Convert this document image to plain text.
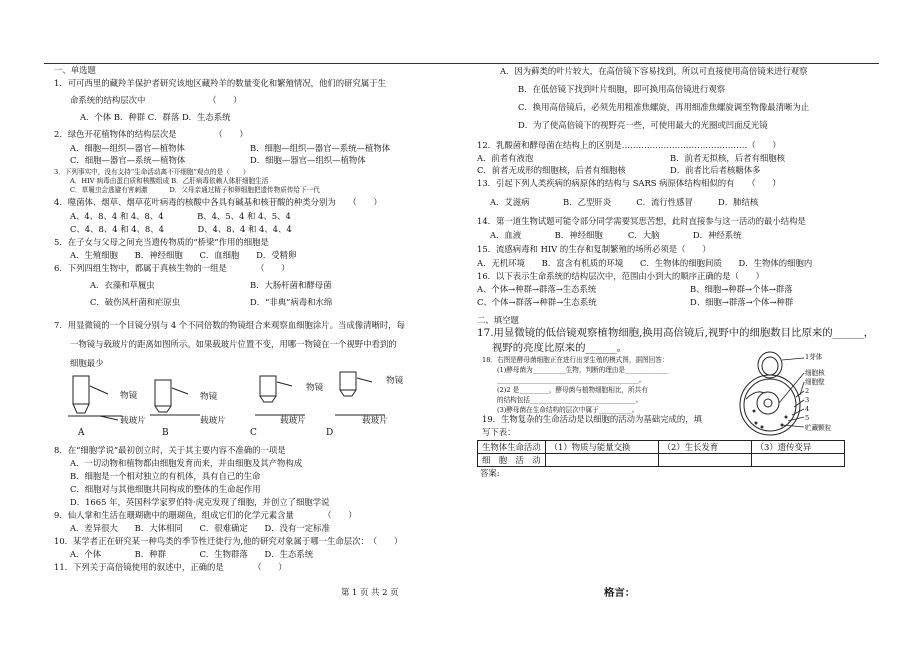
一、单选题
1．可可西里的藏羚羊保护者研究该地区藏羚羊的数量变化和繁殖情况，他们的研究属于生
命系统的结构层次中　　　　　　　　（　　）
A．个体 B．种群 C．群落 D．生态系统
2．绿色开花植物体的结构层次是　　　　　（　　）
A．细胞—组织—器官—植物体	B．细胞—组织—器官—系统—植物体
C．细胞—器官—系统—植物体	D．细胞—器官—组织—植物体
3．下列事实中，没有支持“生命活动离不开细胞”观点的是（　　）
A．HIV 病毒由蛋白质和核酸组成 B．乙肝病毒依赖人体肝细胞生活
C．草履虫会逃避有害刺激　　　 D．父母亲通过精子和卵细胞把遗传物质传给下一代
4．噬菌体、烟草、烟草花叶病毒的核酸中各具有碱基和核苷酸的种类分别为　　（　　）
A、4、8、4 和 4、8、4　　　　B、4、5、4 和 4、5、4
C、4、8、4 和 4、8、4　　　　D、4、8、4 和 4、4、4
5．在子女与父母之间充当遗传物质的“桥梁”作用的细胞是
A．生殖细胞　　B．神经细胞　　C．血细胞　　D．受精卵
6．下列四组生物中，都属于真核生物的一组是　　　　（　　）
A．衣藻和草履虫	B．大肠杆菌和酵母菌
C．破伤风杆菌和疟原虫	D．“非典”病毒和水绵
7．用显微镜的一个目镜分别与 4 个不同倍数的物镜组合来观察血细胞涂片。当成像清晰时，每
一物镜与载玻片的距离如图所示。如果载玻片位置不变，用哪一物镜在一个视野中看到的
细胞最少
物镜	物镜
物镜
物镜
载玻片	载玻片	载玻片	载玻片
A	B	C	D
8．在“细胞学说”最初创立时，关于其主要内容不准确的一项是
A．一切动物和植物都由细胞发育而来，并由细胞及其产物构成
B．细胞是一个相对独立的有机体，具有自己的生命
C．细胞对与其他细胞共同构成的整体的生命起作用
D．1665 年，英国科学家罗伯特·虎克发现了细胞，并创立了细胞学说
9．仙人掌和生活在珊瑚礁中的珊瑚鱼，组成它们的化学元素含量　　　　（　　）
A．差异很大　　B．大体相同　　C．很难确定　　D．没有一定标准
10．某学者正在研究某一种鸟类的季节性迁徙行为,他的研究对象属于哪一生命层次：　（　　）
A．个体　　　　B．种群　　　　C．生物群落　　D．生态系统
11．下列关于高倍镜使用的叙述中，正确的是　　　　（　　）
第 1 页 共 2 页
A．因为藓类的叶片较大，在高倍镜下容易找到，所以可直接使用高倍镜来进行观察
B．在低倍镜下找到叶片细胞，即可换用高倍镜进行观察
C．换用高倍镜后，必须先用粗准焦螺旋，再用细准焦螺旋调至物像最清晰为止
D．为了使高倍镜下的视野亮一些，可使用最大的光圈或凹面反光镜
12．乳酸菌和酵母菌在结构上的区别是………………………………………（　　）
A．前者有液泡	B．前者无拟核，后者有细胞核
C．前者无成形的细胞核，后者有细胞核	D．前者比后者核糖体多
13．引起下列人类疾病的病原体的结构与 SARS 病原体结构相似的有　　（　　）
A．艾滋病　　　　B．乙型肝炎　　　C．流行性感冒　　　D．肺结核
14．第一道生物试题可能令部分同学需要冥思苦想，此时直接参与这一活动的最小结构是
A．血液　　　　B．神经细胞　　　C．大脑　　　　D．神经系统
15．流感病毒和 HIV 的生存和复制繁殖的场所必须是（　　）
A．无机环境　　B．富含有机质的环境　　C．生物体的细胞间质　　D．生物体的细胞内
16．以下表示生命系统的结构层次中，范围由小到大的顺序正确的是（　　）
A、个体→种群→群落→生态系统	B、细胞→种群→个体→群落
C、个体→群落→种群→生态系统	D、细胞→群落→个体→种群
二、填空题
17.用显微镜的低倍镜观察植物细胞,换用高倍镜后,视野中的细胞数目比原来的______，
视野的亮度比原来的______。
18．右图是酵母菌细胞正在进行出芽生殖的模式图，据图回答：
(1)酵母菌为__________生物，判断的理由是_____________
___________________________________________。
(2)2 是_________，酵母菌与植物细胞相比，所共有
的结构包括________________________________。
(3)酵母菌在生命结构的层次中属于__________。
19．生物复杂的生命活动是以细胞的活动为基础完成的，填
写下表：
1芽体
细胞核
细胞壁
2
3
4
5
贮藏颗粒
生物体生命活动	（1）物质与能量交换	（2）生长发育	（3）遗传变异
细　胞　活　动			
答案:
格言：
